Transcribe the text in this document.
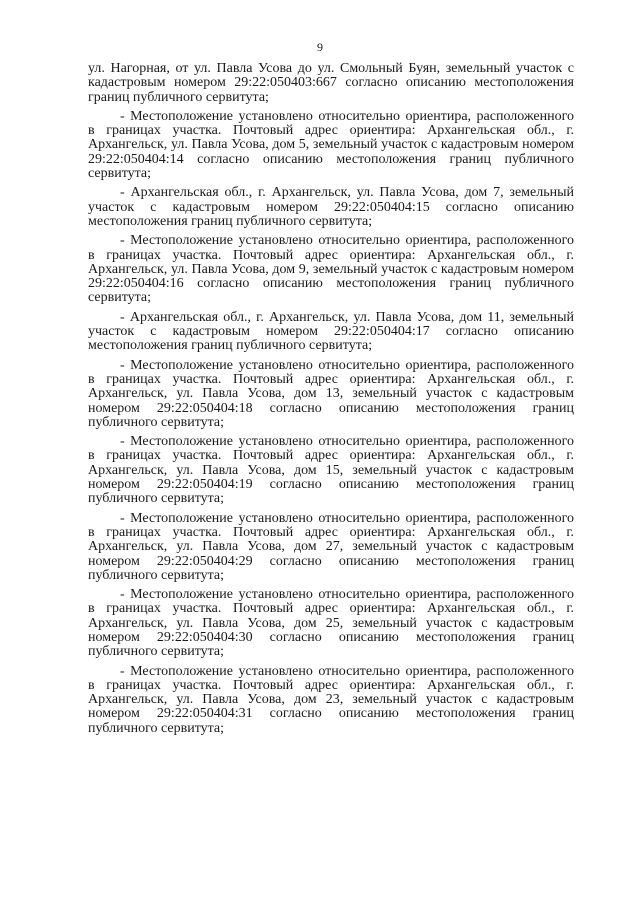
9

ул. Нагорная, от ул. Павла Усова до ул. Смольный Буян, земельный участок с кадастровым номером 29:22:050403:667 согласно описанию местоположения границ публичного сервитута;

- Местоположение установлено относительно ориентира, расположенного в границах участка. Почтовый адрес ориентира: Архангельская обл., г. Архангельск, ул. Павла Усова, дом 5, земельный участок с кадастровым номером 29:22:050404:14 согласно описанию местоположения границ публичного сервитута;

- Архангельская обл., г. Архангельск, ул. Павла Усова, дом 7, земельный участок с кадастровым номером 29:22:050404:15 согласно описанию местоположения границ публичного сервитута;

- Местоположение установлено относительно ориентира, расположенного в границах участка. Почтовый адрес ориентира: Архангельская обл., г. Архангельск, ул. Павла Усова, дом 9, земельный участок с кадастровым номером 29:22:050404:16 согласно описанию местоположения границ публичного сервитута;

- Архангельская обл., г. Архангельск, ул. Павла Усова, дом 11, земельный участок с кадастровым номером 29:22:050404:17 согласно описанию местоположения границ публичного сервитута;

- Местоположение установлено относительно ориентира, расположенного в границах участка. Почтовый адрес ориентира: Архангельская обл., г. Архангельск, ул. Павла Усова, дом 13, земельный участок с кадастровым номером 29:22:050404:18 согласно описанию местоположения границ публичного сервитута;

- Местоположение установлено относительно ориентира, расположенного в границах участка. Почтовый адрес ориентира: Архангельская обл., г. Архангельск, ул. Павла Усова, дом 15, земельный участок с кадастровым номером 29:22:050404:19 согласно описанию местоположения границ публичного сервитута;

- Местоположение установлено относительно ориентира, расположенного в границах участка. Почтовый адрес ориентира: Архангельская обл., г. Архангельск, ул. Павла Усова, дом 27, земельный участок с кадастровым номером 29:22:050404:29 согласно описанию местоположения границ публичного сервитута;

- Местоположение установлено относительно ориентира, расположенного в границах участка. Почтовый адрес ориентира: Архангельская обл., г. Архангельск, ул. Павла Усова, дом 25, земельный участок с кадастровым номером 29:22:050404:30 согласно описанию местоположения границ публичного сервитута;

- Местоположение установлено относительно ориентира, расположенного в границах участка. Почтовый адрес ориентира: Архангельская обл., г. Архангельск, ул. Павла Усова, дом 23, земельный участок с кадастровым номером 29:22:050404:31 согласно описанию местоположения границ публичного сервитута;
